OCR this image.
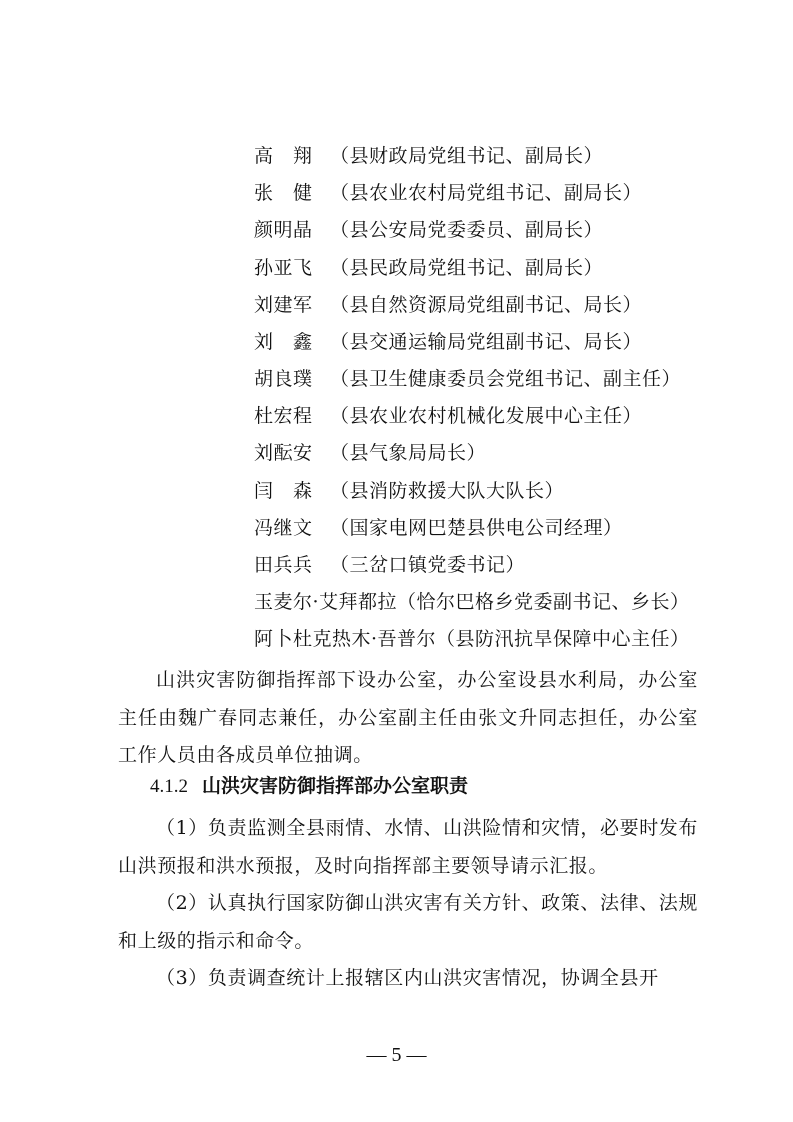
高　翔 （县财政局党组书记、副局长）
张　健 （县农业农村局党组书记、副局长）
颜明晶 （县公安局党委委员、副局长）
孙亚飞 （县民政局党组书记、副局长）
刘建军 （县自然资源局党组副书记、局长）
刘　鑫 （县交通运输局党组副书记、局长）
胡良璞 （县卫生健康委员会党组书记、副主任）
杜宏程 （县农业农村机械化发展中心主任）
刘酝安 （县气象局局长）
闫　森 （县消防救援大队大队长）
冯继文 （国家电网巴楚县供电公司经理）
田兵兵 （三岔口镇党委书记）
玉麦尔·艾拜都拉（恰尔巴格乡党委副书记、乡长）
阿卜杜克热木·吾普尔（县防汛抗旱保障中心主任）
山洪灾害防御指挥部下设办公室，办公室设县水利局，办公室主任由魏广春同志兼任，办公室副主任由张文升同志担任，办公室工作人员由各成员单位抽调。
4.1.2 山洪灾害防御指挥部办公室职责
（1）负责监测全县雨情、水情、山洪险情和灾情，必要时发布山洪预报和洪水预报，及时向指挥部主要领导请示汇报。
（2）认真执行国家防御山洪灾害有关方针、政策、法律、法规和上级的指示和命令。
（3）负责调查统计上报辖区内山洪灾害情况，协调全县开
— 5 —
